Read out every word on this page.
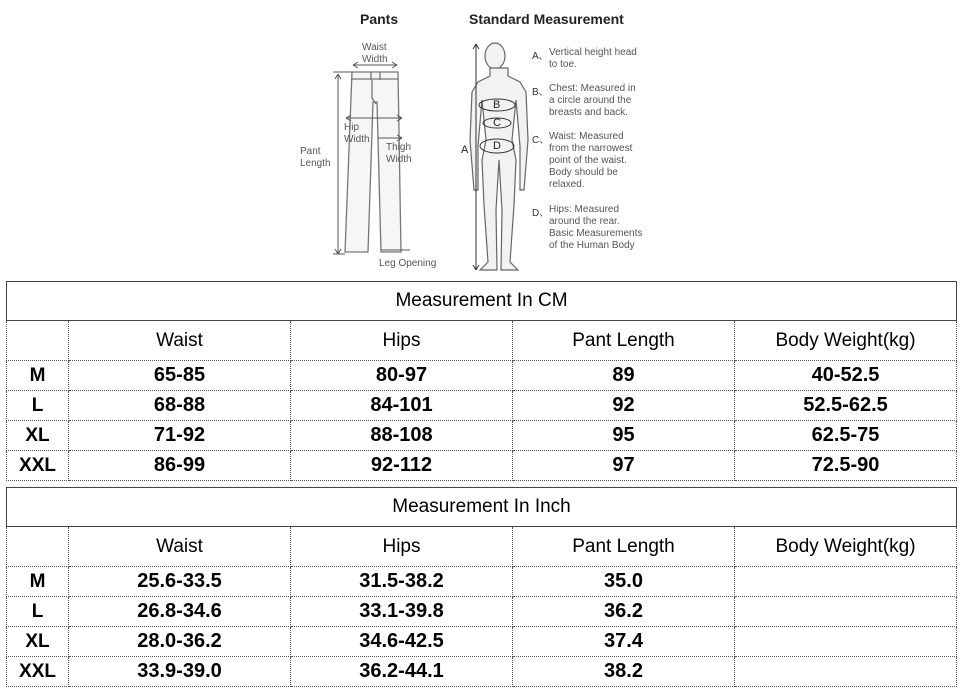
Pants	Standard Measurement
Waist
Width
Hip
Width
Thigh
Width
Pant
Length
Leg Opening
A
B
C
D
A、 Vertical height head
to toe.
B、 Chest: Measured in
a circle around the
breasts and back.
C、 Waist: Measured
from the narrowest
point of the waist.
Body should be
relaxed.
D、 Hips: Measured
around the rear.
Basic Measurements
of the Human Body
Measurement In CM				
	Waist	Hips	Pant Length	Body Weight(kg)
M	65-85	80-97	89	40-52.5
L	68-88	84-101	92	52.5-62.5
XL	71-92	88-108	95	62.5-75
XXL	86-99	92-112	97	72.5-90
Measurement In Inch				
	Waist	Hips	Pant Length	Body Weight(kg)
M	25.6-33.5	31.5-38.2	35.0	
L	26.8-34.6	33.1-39.8	36.2	
XL	28.0-36.2	34.6-42.5	37.4	
XXL	33.9-39.0	36.2-44.1	38.2	
